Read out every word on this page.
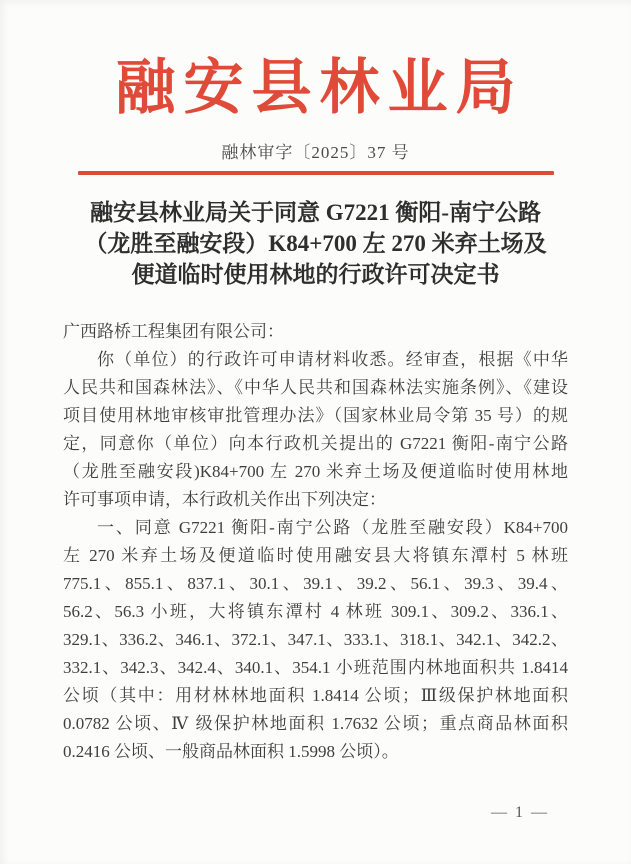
融安县林业局
融林审字〔2025〕37 号
融安县林业局关于同意 G7221 衡阳-南宁公路
（龙胜至融安段）K84+700 左 270 米弃土场及
便道临时使用林地的行政许可决定书
广西路桥工程集团有限公司：
你（单位）的行政许可申请材料收悉。经审查，根据《中华
人民共和国森林法》、《中华人民共和国森林法实施条例》、《建设
项目使用林地审核审批管理办法》（国家林业局令第 35 号）的规
定，同意你（单位）向本行政机关提出的 G7221 衡阳-南宁公路
（龙胜至融安段)K84+700 左 270 米弃土场及便道临时使用林地
许可事项申请，本行政机关作出下列决定：
一、同意 G7221 衡阳-南宁公路（龙胜至融安段）K84+700
左 270 米弃土场及便道临时使用融安县大将镇东潭村 5 林班
775.1、855.1、837.1、30.1、39.1、39.2、56.1、39.3、39.4、
56.2、56.3 小班，大将镇东潭村 4 林班 309.1、309.2、336.1、
329.1、336.2、346.1、372.1、347.1、333.1、318.1、342.1、342.2、
332.1、342.3、342.4、340.1、354.1 小班范围内林地面积共 1.8414
公顷（其中：用材林林地面积 1.8414 公顷；Ⅲ级保护林地面积
0.0782 公顷、Ⅳ 级保护林地面积 1.7632 公顷；重点商品林面积
0.2416 公顷、一般商品林面积 1.5998 公顷）。
— 1 —
